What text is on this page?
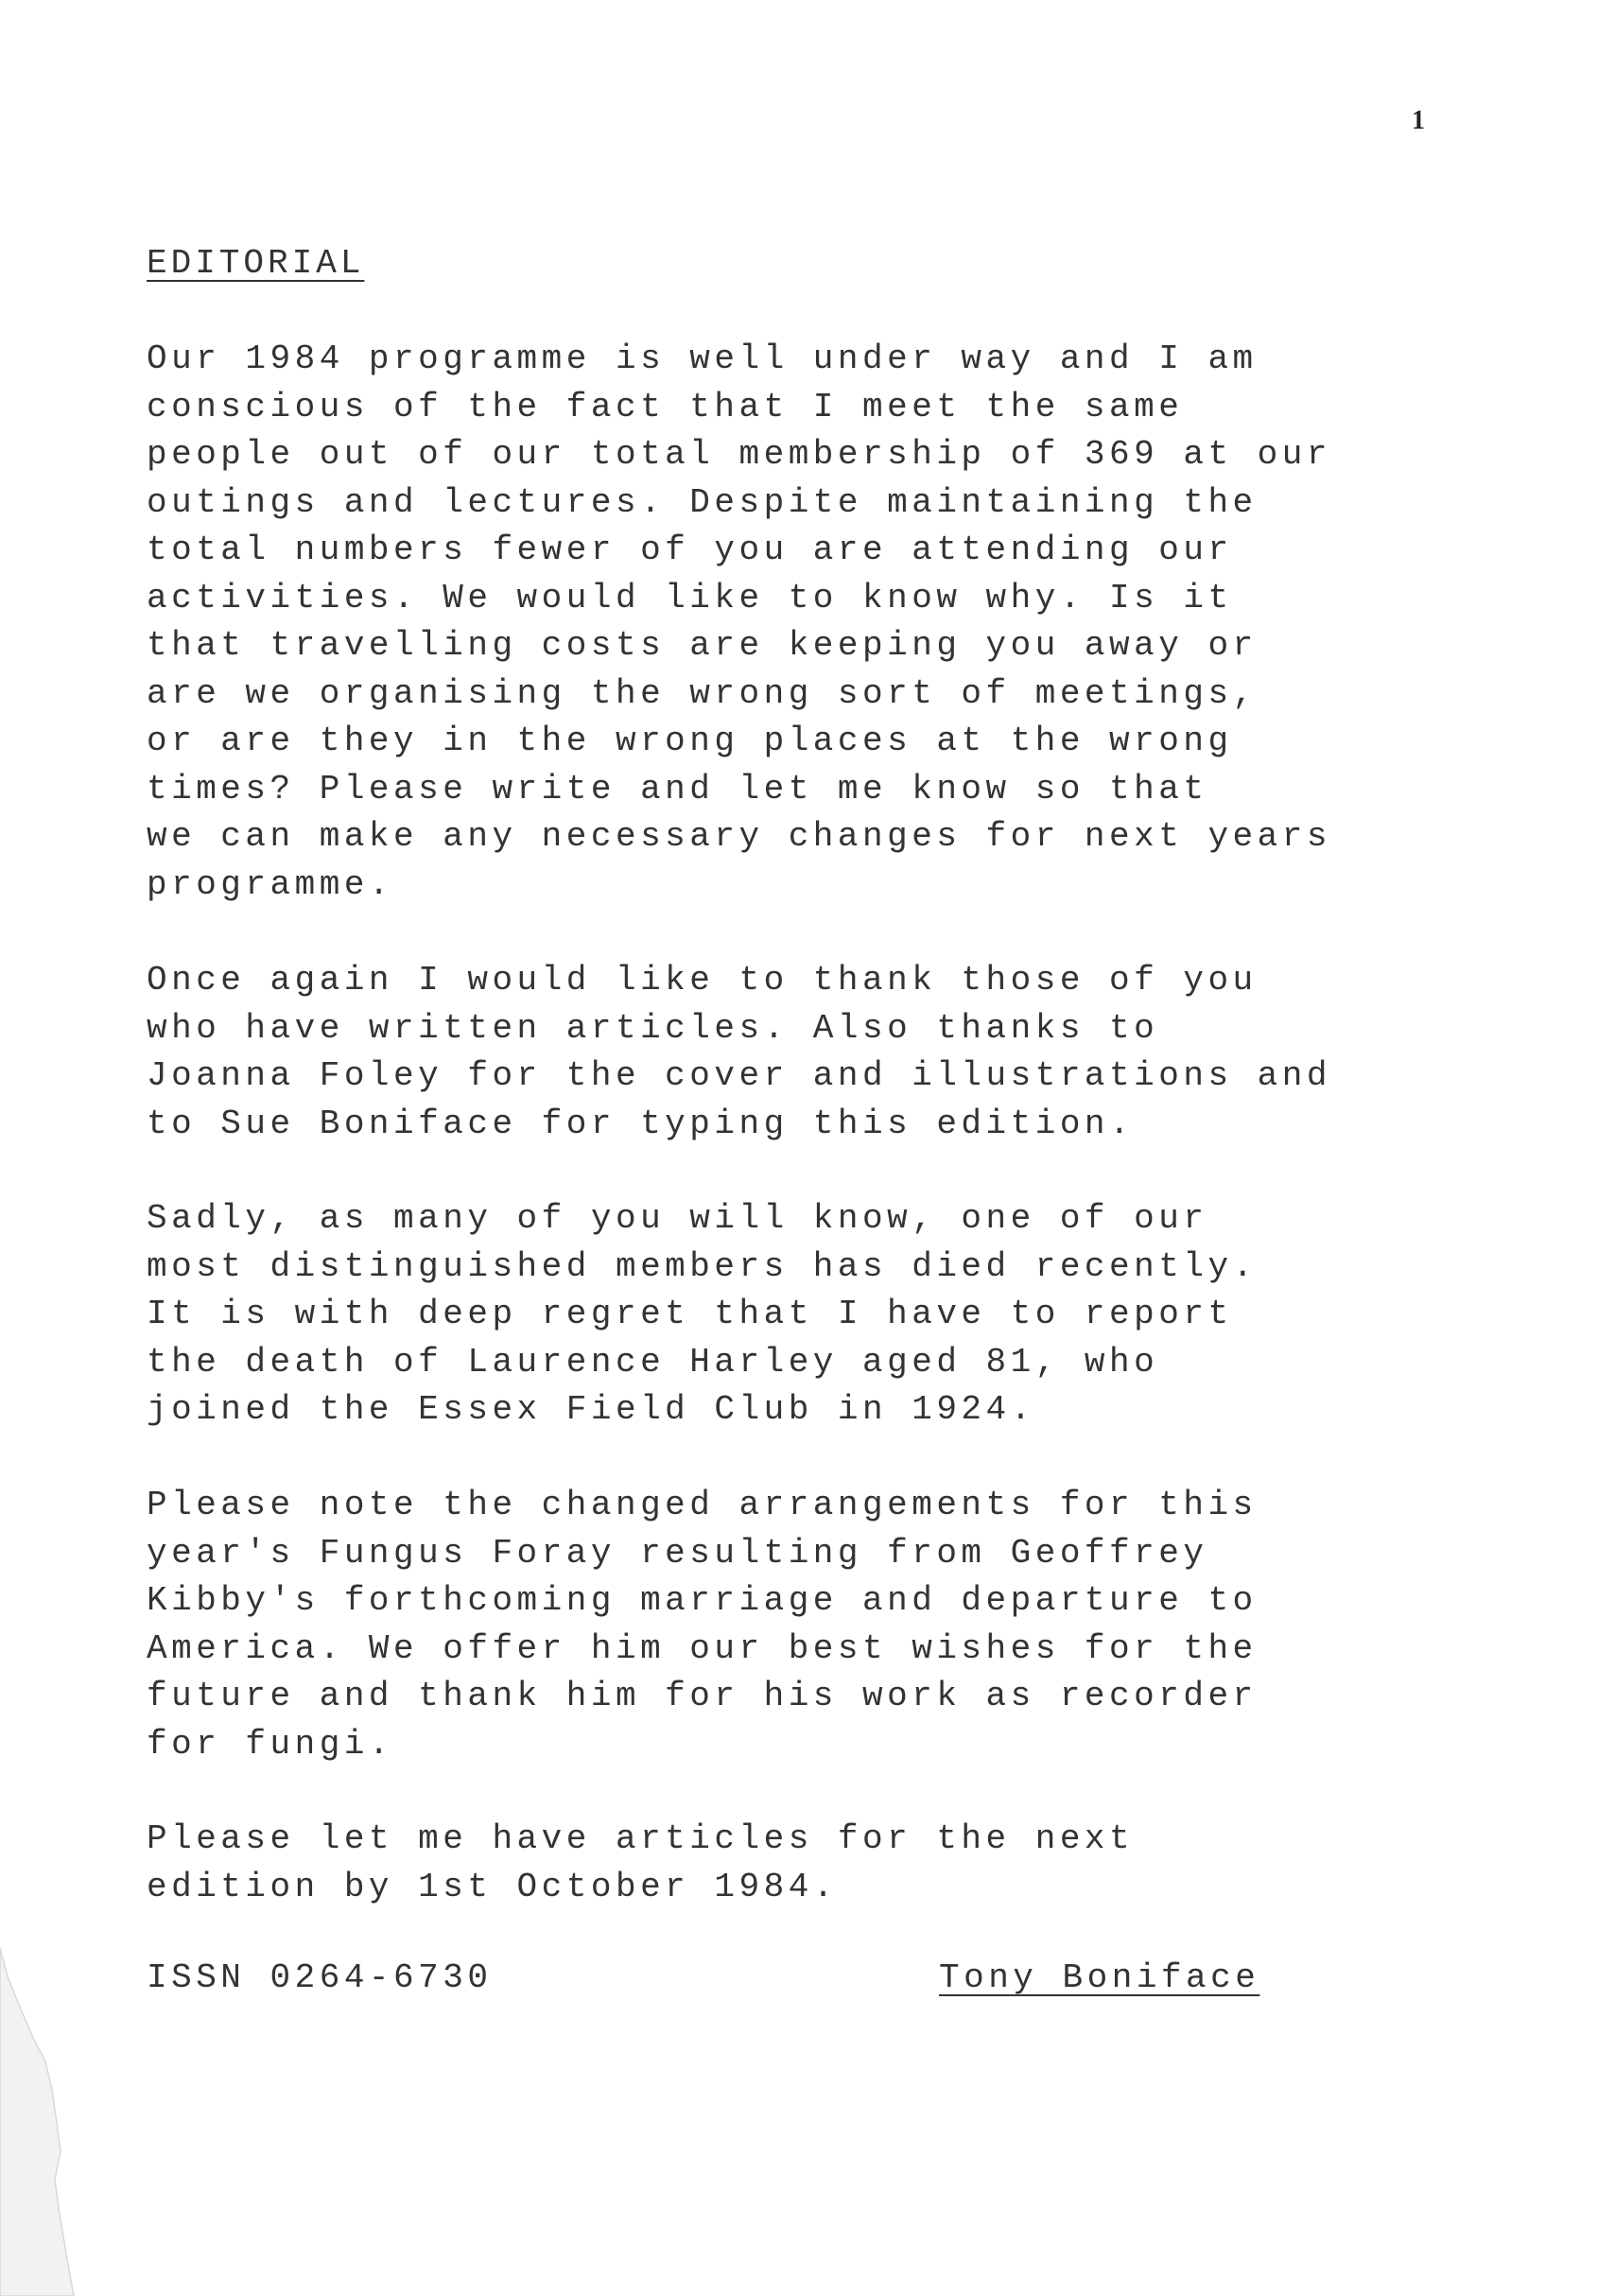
1
EDITORIAL
Our 1984 programme is well under way and I am
conscious of the fact that I meet the same
people out of our total membership of 369 at our
outings and lectures. Despite maintaining the
total numbers fewer of you are attending our
activities. We would like to know why. Is it
that travelling costs are keeping you away or
are we organising the wrong sort of meetings,
or are they in the wrong places at the wrong
times? Please write and let me know so that
we can make any necessary changes for next years
programme.
Once again I would like to thank those of you
who have written articles. Also thanks to
Joanna Foley for the cover and illustrations and
to Sue Boniface for typing this edition.
Sadly, as many of you will know, one of our
most distinguished members has died recently.
It is with deep regret that I have to report
the death of Laurence Harley aged 81, who
joined the Essex Field Club in 1924.
Please note the changed arrangements for this
year's Fungus Foray resulting from Geoffrey
Kibby's forthcoming marriage and departure to
America. We offer him our best wishes for the
future and thank him for his work as recorder
for fungi.
Please let me have articles for the next
edition by 1st October 1984.
ISSN 0264-6730	Tony Boniface
